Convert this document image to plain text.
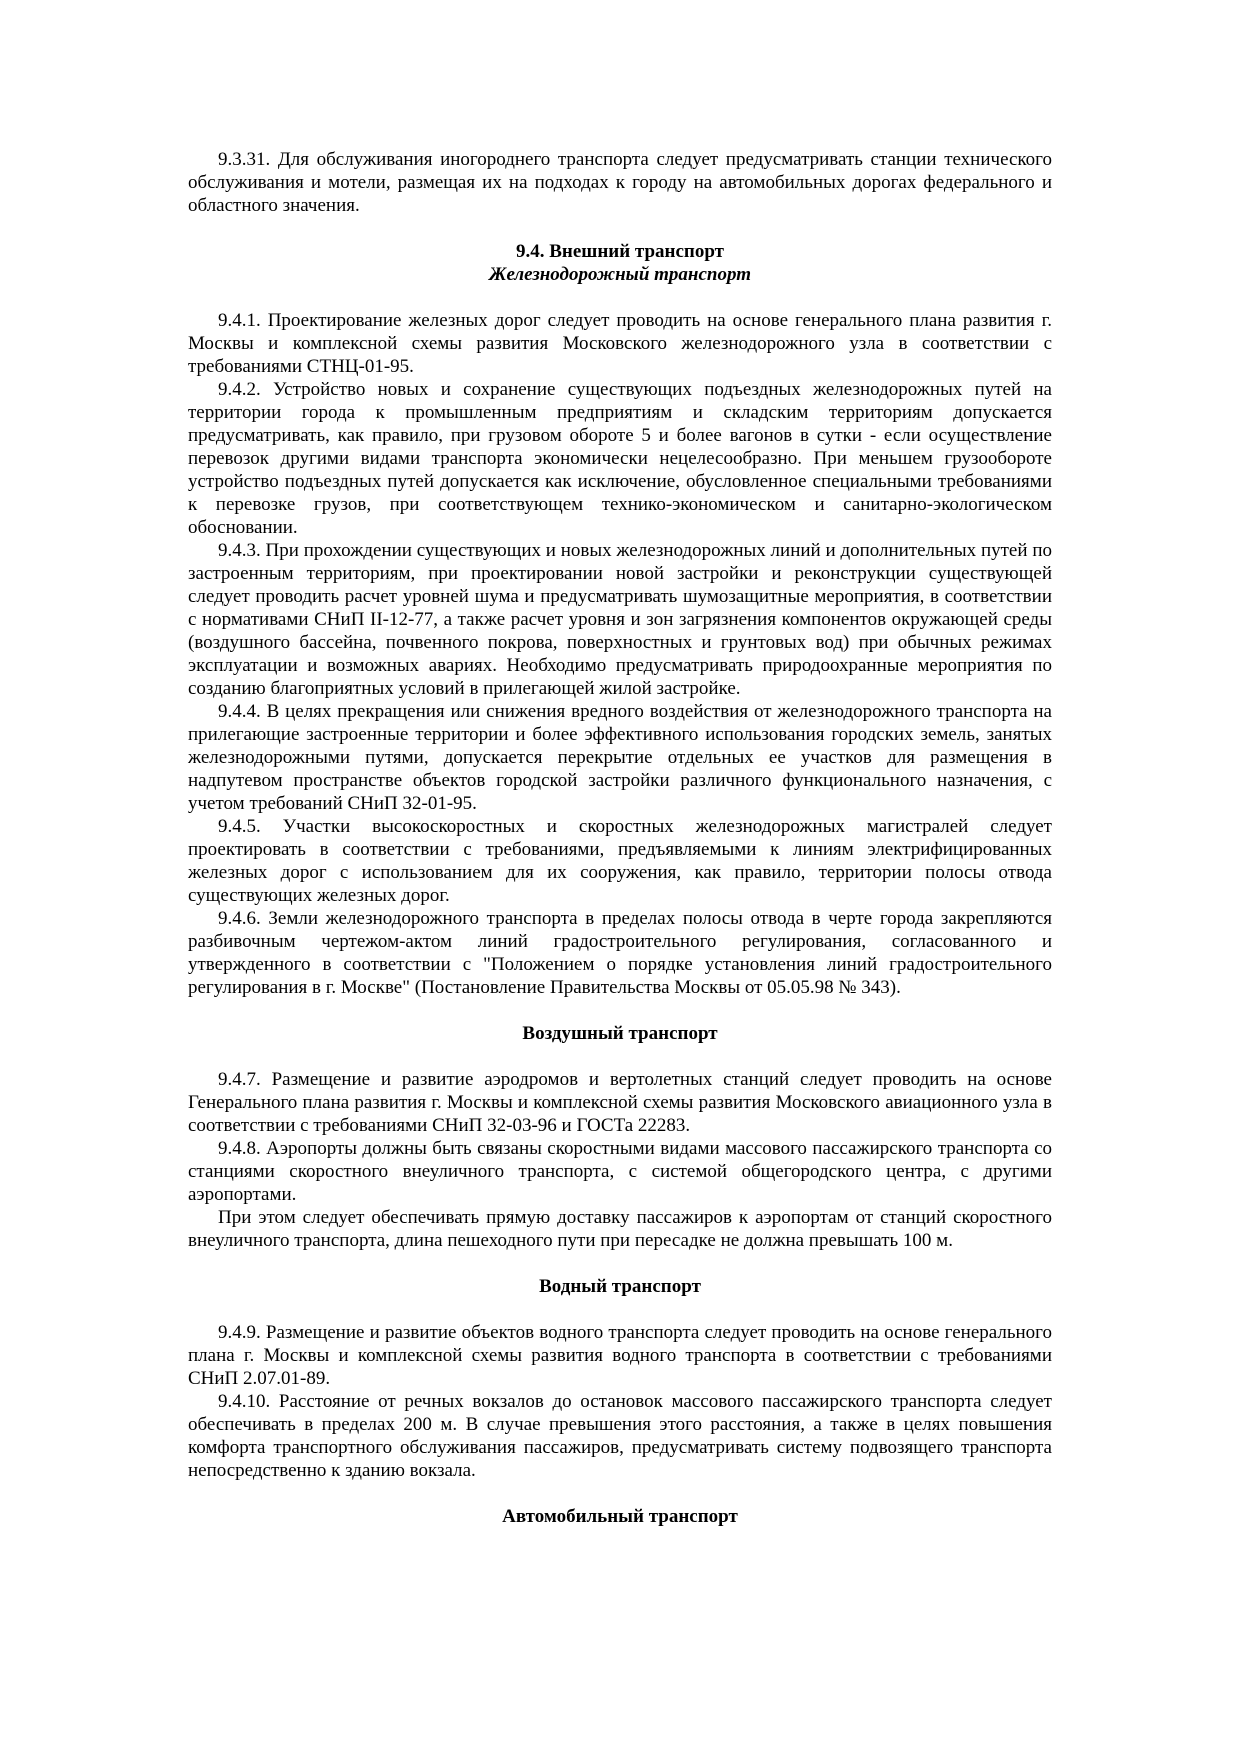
9.3.31. Для обслуживания иногороднего транспорта следует предусматривать станции технического обслуживания и мотели, размещая их на подходах к городу на автомобильных дорогах федерального и областного значения.

9.4. Внешний транспорт
Железнодорожный транспорт

9.4.1. Проектирование железных дорог следует проводить на основе генерального плана развития г. Москвы и комплексной схемы развития Московского железнодорожного узла в соответствии с требованиями СТНЦ-01-95.

9.4.2. Устройство новых и сохранение существующих подъездных железнодорожных путей на территории города к промышленным предприятиям и складским территориям допускается предусматривать, как правило, при грузовом обороте 5 и более вагонов в сутки - если осуществление перевозок другими видами транспорта экономически нецелесообразно. При меньшем грузообороте устройство подъездных путей допускается как исключение, обусловленное специальными требованиями к перевозке грузов, при соответствующем технико-экономическом и санитарно-экологическом обосновании.

9.4.3. При прохождении существующих и новых железнодорожных линий и дополнительных путей по застроенным территориям, при проектировании новой застройки и реконструкции существующей следует проводить расчет уровней шума и предусматривать шумозащитные мероприятия, в соответствии с нормативами СНиП II-12-77, а также расчет уровня и зон загрязнения компонентов окружающей среды (воздушного бассейна, почвенного покрова, поверхностных и грунтовых вод) при обычных режимах эксплуатации и возможных авариях. Необходимо предусматривать природоохранные мероприятия по созданию благоприятных условий в прилегающей жилой застройке.

9.4.4. В целях прекращения или снижения вредного воздействия от железнодорожного транспорта на прилегающие застроенные территории и более эффективного использования городских земель, занятых железнодорожными путями, допускается перекрытие отдельных ее участков для размещения в надпутевом пространстве объектов городской застройки различного функционального назначения, с учетом требований СНиП 32-01-95.

9.4.5. Участки высокоскоростных и скоростных железнодорожных магистралей следует проектировать в соответствии с требованиями, предъявляемыми к линиям электрифицированных железных дорог с использованием для их сооружения, как правило, территории полосы отвода существующих железных дорог.

9.4.6. Земли железнодорожного транспорта в пределах полосы отвода в черте города закрепляются разбивочным чертежом-актом линий градостроительного регулирования, согласованного и утвержденного в соответствии с "Положением о порядке установления линий градостроительного регулирования в г. Москве" (Постановление Правительства Москвы от 05.05.98 № 343).

Воздушный транспорт

9.4.7. Размещение и развитие аэродромов и вертолетных станций следует проводить на основе Генерального плана развития г. Москвы и комплексной схемы развития Московского авиационного узла в соответствии с требованиями СНиП 32-03-96 и ГОСТа 22283.

9.4.8. Аэропорты должны быть связаны скоростными видами массового пассажирского транспорта со станциями скоростного внеуличного транспорта, с системой общегородского центра, с другими аэропортами.

При этом следует обеспечивать прямую доставку пассажиров к аэропортам от станций скоростного внеуличного транспорта, длина пешеходного пути при пересадке не должна превышать 100 м.

Водный транспорт

9.4.9. Размещение и развитие объектов водного транспорта следует проводить на основе генерального плана г. Москвы и комплексной схемы развития водного транспорта в соответствии с требованиями СНиП 2.07.01-89.

9.4.10. Расстояние от речных вокзалов до остановок массового пассажирского транспорта следует обеспечивать в пределах 200 м. В случае превышения этого расстояния, а также в целях повышения комфорта транспортного обслуживания пассажиров, предусматривать систему подвозящего транспорта непосредственно к зданию вокзала.

Автомобильный транспорт
